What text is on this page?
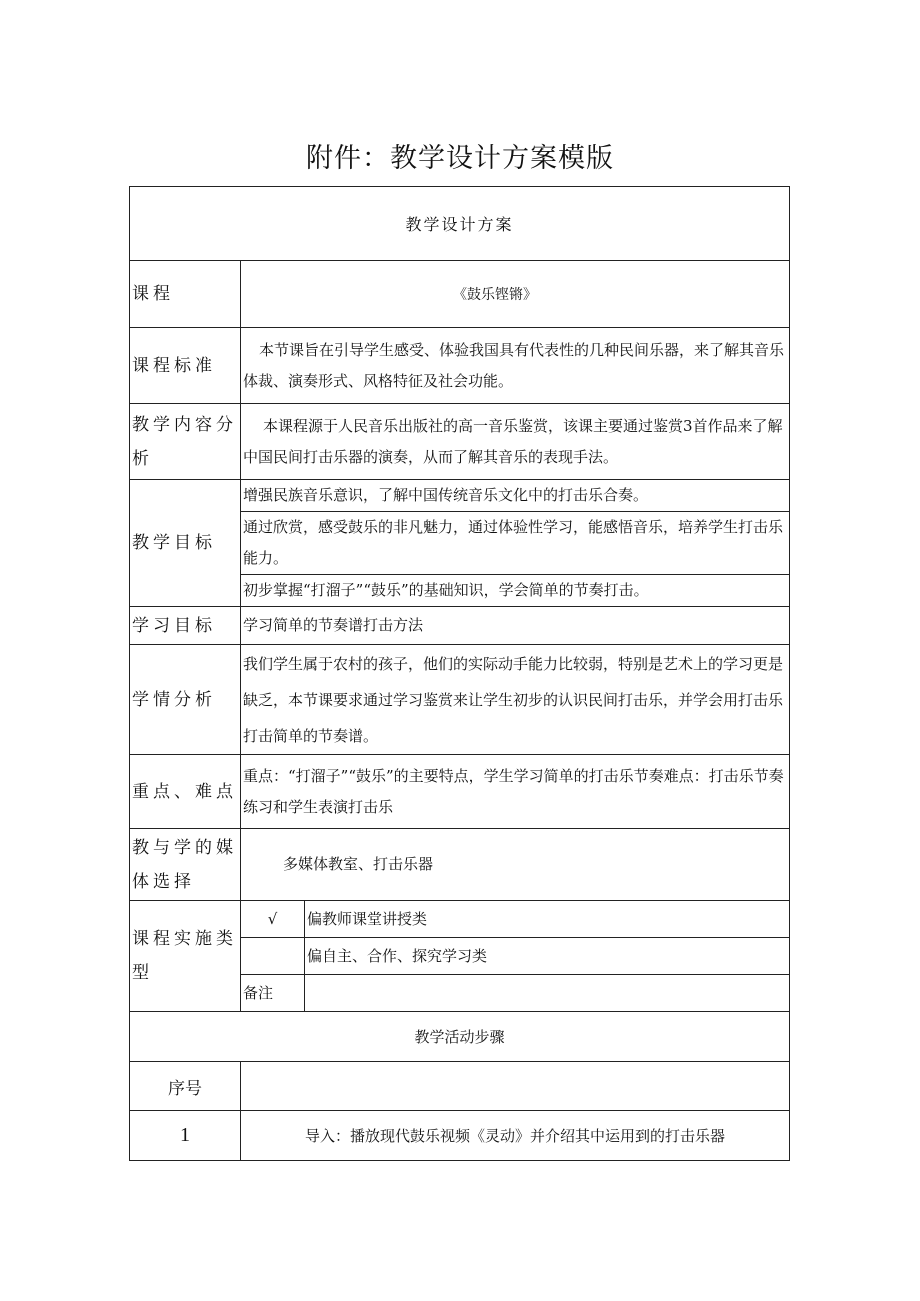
附件：教学设计方案模版
教学设计方案		
课程	《鼓乐铿锵》	
课程标准	本节课旨在引导学生感受、体验我国具有代表性的几种民间乐器，来了解其音乐体裁、演奏形式、风格特征及社会功能。	
教学内容分析	本课程源于人民音乐出版社的高一音乐鉴赏，该课主要通过鉴赏3首作品来了解中国民间打击乐器的演奏，从而了解其音乐的表现手法。	
教学目标	增强民族音乐意识，了解中国传统音乐文化中的打击乐合奏。	
	通过欣赏，感受鼓乐的非凡魅力，通过体验性学习，能感悟音乐，培养学生打击乐能力。	
	初步掌握“打溜子”“鼓乐”的基础知识，学会简单的节奏打击。	
学习目标	学习简单的节奏谱打击方法	
学情分析	我们学生属于农村的孩子，他们的实际动手能力比较弱，特别是艺术上的学习更是缺乏，本节课要求通过学习鉴赏来让学生初步的认识民间打击乐，并学会用打击乐打击简单的节奏谱。	
重点、难点	重点：“打溜子”“鼓乐”的主要特点，学生学习简单的打击乐节奏难点：打击乐节奏练习和学生表演打击乐	
教与学的媒体选择	多媒体教室、打击乐器	
课程实施类型	√	偏教师课堂讲授类
		偏自主、合作、探究学习类
	备注	
教学活动步骤		
序号		
1	导入：播放现代鼓乐视频《灵动》并介绍其中运用到的打击乐器	
